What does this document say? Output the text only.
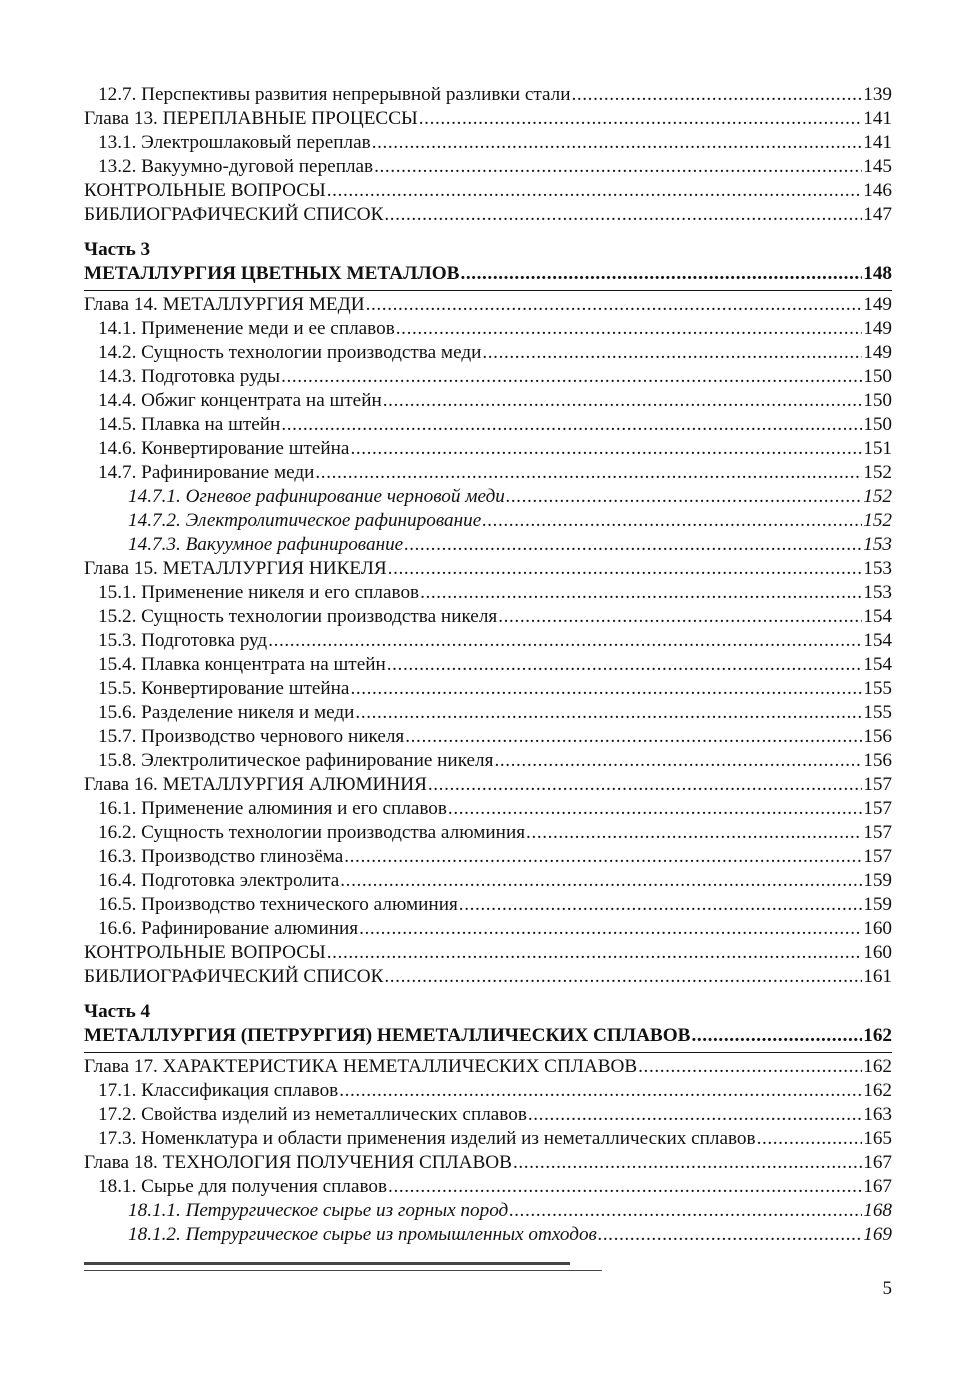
12.7. Перспективы развития непрерывной разливки стали .....	139
Глава 13. ПЕРЕПЛАВНЫЕ ПРОЦЕССЫ .....	141
13.1. Электрошлаковый переплав .....	141
13.2. Вакуумно-дуговой переплав .....	145
КОНТРОЛЬНЫЕ ВОПРОСЫ .....	146
БИБЛИОГРАФИЧЕСКИЙ СПИСОК .....	147
Часть 3
МЕТАЛЛУРГИЯ ЦВЕТНЫХ МЕТАЛЛОВ .....	148
Глава 14. МЕТАЛЛУРГИЯ МЕДИ .....	149
14.1. Применение меди и ее сплавов .....	149
14.2. Сущность технологии производства меди .....	149
14.3. Подготовка руды .....	150
14.4. Обжиг концентрата на штейн .....	150
14.5. Плавка на штейн .....	150
14.6. Конвертирование штейна .....	151
14.7. Рафинирование меди .....	152
14.7.1. Огневое рафинирование черновой меди .....	152
14.7.2. Электролитическое рафинирование .....	152
14.7.3. Вакуумное рафинирование .....	153
Глава 15. МЕТАЛЛУРГИЯ НИКЕЛЯ .....	153
15.1. Применение никеля и его сплавов .....	153
15.2. Сущность технологии производства никеля .....	154
15.3. Подготовка руд .....	154
15.4. Плавка концентрата на штейн .....	154
15.5. Конвертирование штейна .....	155
15.6. Разделение никеля и меди .....	155
15.7. Производство чернового никеля .....	156
15.8. Электролитическое рафинирование никеля .....	156
Глава 16. МЕТАЛЛУРГИЯ АЛЮМИНИЯ .....	157
16.1. Применение алюминия и его сплавов .....	157
16.2. Сущность технологии производства алюминия .....	157
16.3. Производство глинозёма .....	157
16.4. Подготовка электролита .....	159
16.5. Производство технического алюминия .....	159
16.6. Рафинирование алюминия .....	160
КОНТРОЛЬНЫЕ ВОПРОСЫ .....	160
БИБЛИОГРАФИЧЕСКИЙ СПИСОК .....	161
Часть 4
МЕТАЛЛУРГИЯ (ПЕТРУРГИЯ) НЕМЕТАЛЛИЧЕСКИХ СПЛАВОВ .....	162
Глава 17. ХАРАКТЕРИСТИКА НЕМЕТАЛЛИЧЕСКИХ СПЛАВОВ .....	162
17.1. Классификация сплавов .....	162
17.2. Свойства изделий из неметаллических сплавов .....	163
17.3. Номенклатура и области применения изделий из неметаллических сплавов .....	165
Глава 18. ТЕХНОЛОГИЯ ПОЛУЧЕНИЯ СПЛАВОВ .....	167
18.1. Сырье для получения сплавов .....	167
18.1.1. Петрургическое сырье из горных пород .....	168
18.1.2. Петрургическое сырье из промышленных отходов .....	169
5
